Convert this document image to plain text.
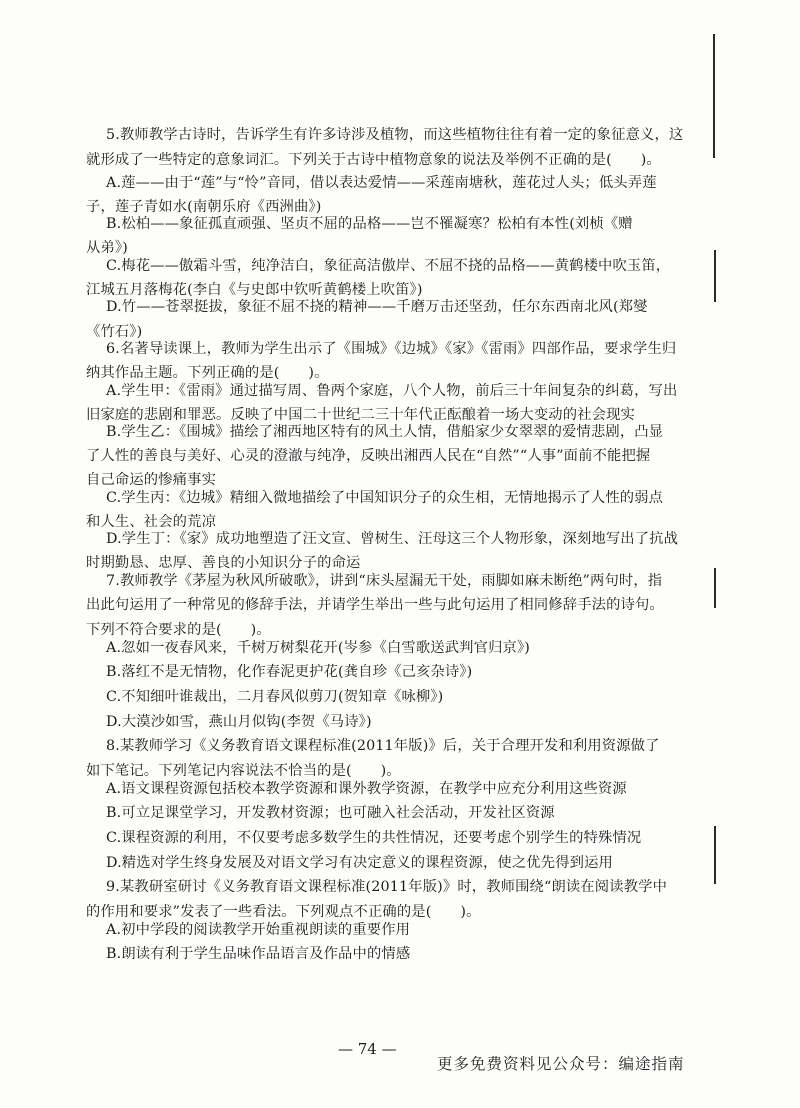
5.教师教学古诗时，告诉学生有许多诗涉及植物，而这些植物往往有着一定的象征意义，这
就形成了一些特定的意象词汇。下列关于古诗中植物意象的说法及举例不正确的是(　　)。
A.莲——由于“莲”与“怜”音同，借以表达爱情——采莲南塘秋，莲花过人头；低头弄莲
子，莲子青如水(南朝乐府《西洲曲》)
B.松柏——象征孤直顽强、坚贞不屈的品格——岂不罹凝寒？松柏有本性(刘桢《赠
从弟》)
C.梅花——傲霜斗雪，纯净洁白，象征高洁傲岸、不屈不挠的品格——黄鹤楼中吹玉笛，
江城五月落梅花(李白《与史郎中钦听黄鹤楼上吹笛》)
D.竹——苍翠挺拔，象征不屈不挠的精神——千磨万击还坚劲，任尔东西南北风(郑燮
《竹石》)
6.名著导读课上，教师为学生出示了《围城》《边城》《家》《雷雨》四部作品，要求学生归
纳其作品主题。下列正确的是(　　)。
A.学生甲：《雷雨》通过描写周、鲁两个家庭，八个人物，前后三十年间复杂的纠葛，写出
旧家庭的悲剧和罪恶。反映了中国二十世纪二三十年代正酝酿着一场大变动的社会现实
B.学生乙：《围城》描绘了湘西地区特有的风土人情，借船家少女翠翠的爱情悲剧，凸显
了人性的善良与美好、心灵的澄澈与纯净，反映出湘西人民在“自然”“人事”面前不能把握
自己命运的惨痛事实
C.学生丙：《边城》精细入微地描绘了中国知识分子的众生相，无情地揭示了人性的弱点
和人生、社会的荒凉
D.学生丁：《家》成功地塑造了汪文宣、曾树生、汪母这三个人物形象，深刻地写出了抗战
时期勤恳、忠厚、善良的小知识分子的命运
7.教师教学《茅屋为秋风所破歌》，讲到“床头屋漏无干处，雨脚如麻未断绝”两句时，指
出此句运用了一种常见的修辞手法，并请学生举出一些与此句运用了相同修辞手法的诗句。
下列不符合要求的是(　　)。
A.忽如一夜春风来，千树万树梨花开(岑参《白雪歌送武判官归京》)
B.落红不是无情物，化作春泥更护花(龚自珍《己亥杂诗》)
C.不知细叶谁裁出，二月春风似剪刀(贺知章《咏柳》)
D.大漠沙如雪，燕山月似钩(李贺《马诗》)
8.某教师学习《义务教育语文课程标准(2011年版)》后，关于合理开发和利用资源做了
如下笔记。下列笔记内容说法不恰当的是(　　)。
A.语文课程资源包括校本教学资源和课外教学资源，在教学中应充分利用这些资源
B.可立足课堂学习，开发教材资源；也可融入社会活动，开发社区资源
C.课程资源的利用，不仅要考虑多数学生的共性情况，还要考虑个别学生的特殊情况
D.精选对学生终身发展及对语文学习有决定意义的课程资源，使之优先得到运用
9.某教研室研讨《义务教育语文课程标准(2011年版)》时，教师围绕“朗读在阅读教学中
的作用和要求”发表了一些看法。下列观点不正确的是(　　)。
A.初中学段的阅读教学开始重视朗读的重要作用
B.朗读有利于学生品味作品语言及作品中的情感
— 74 —
更多免费资料见公众号：编途指南
